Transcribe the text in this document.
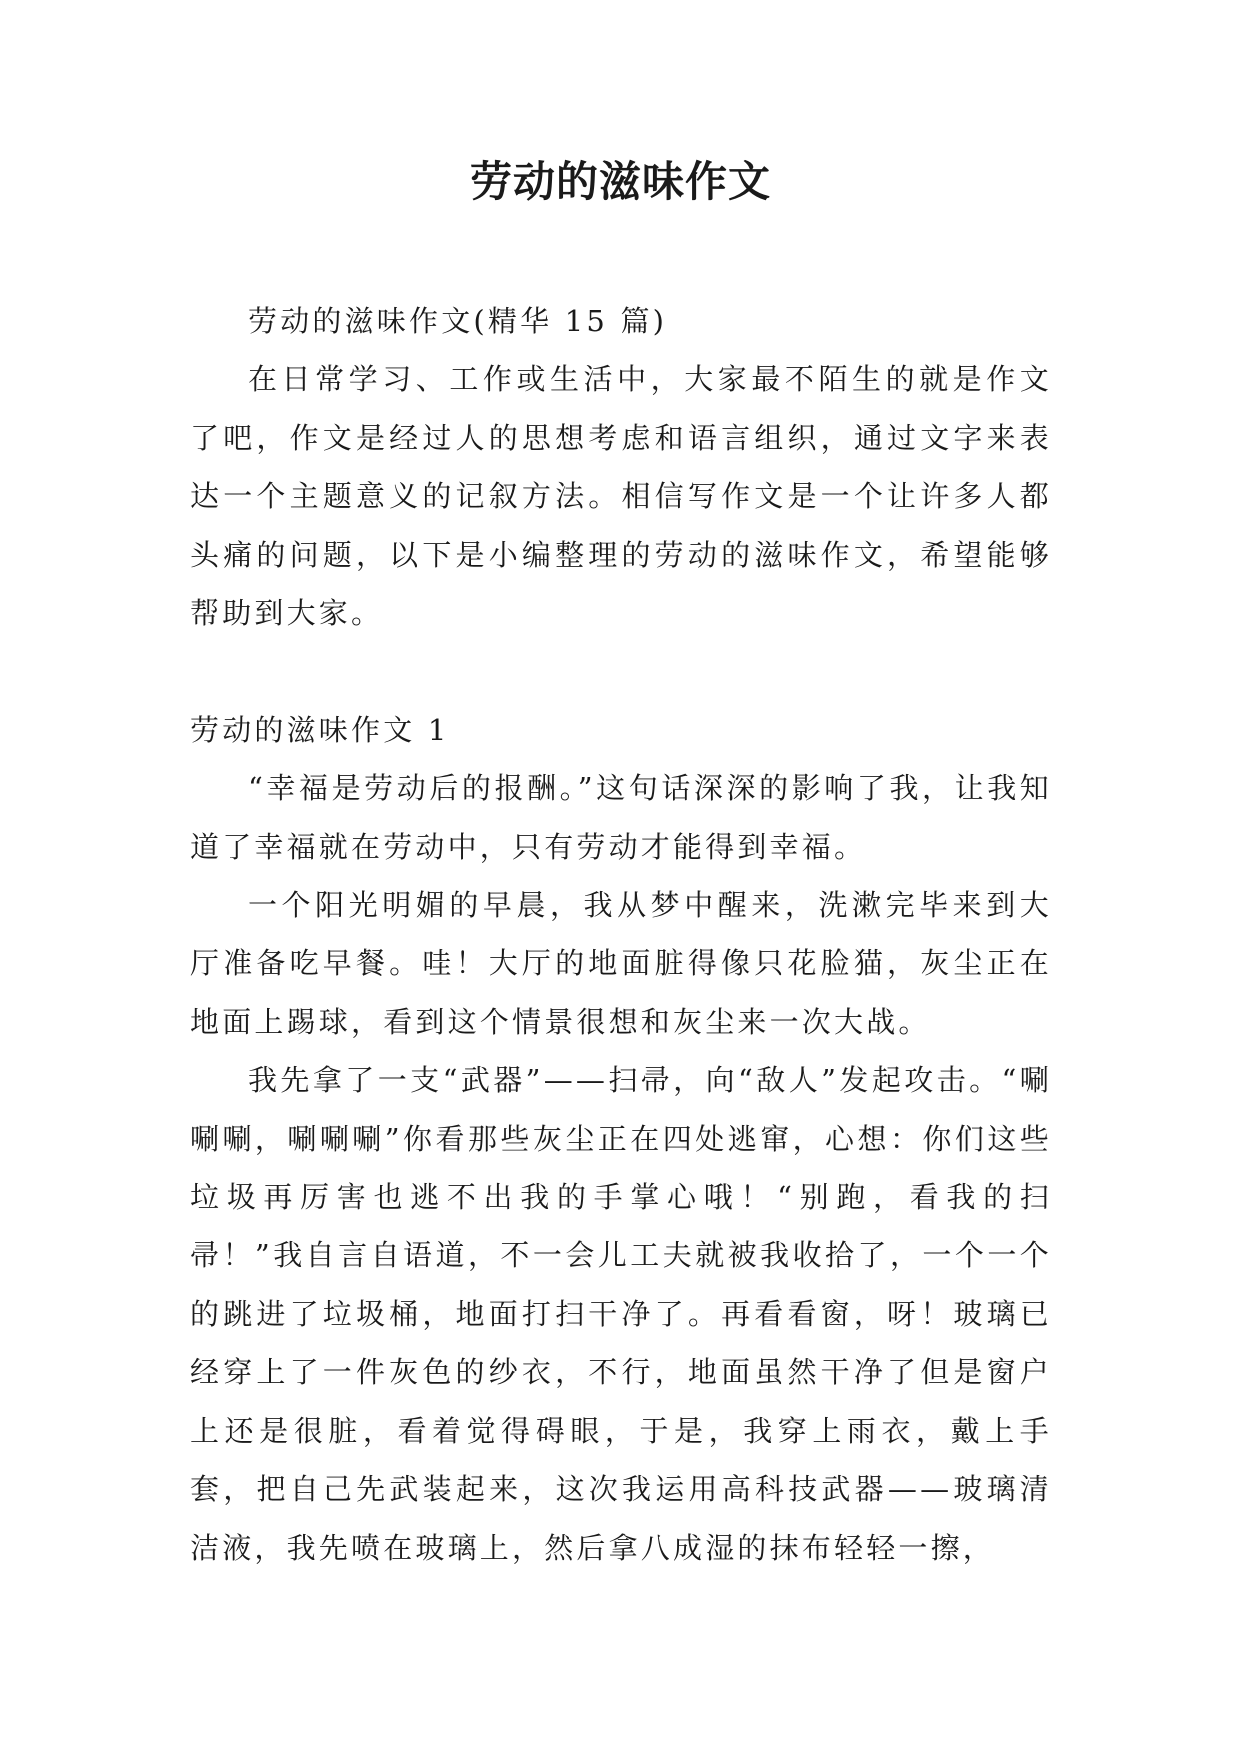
劳动的滋味作文

劳动的滋味作文(精华 15 篇)

在日常学习、工作或生活中，大家最不陌生的就是作文了吧，作文是经过人的思想考虑和语言组织，通过文字来表达一个主题意义的记叙方法。相信写作文是一个让许多人都头痛的问题，以下是小编整理的劳动的滋味作文，希望能够帮助到大家。

劳动的滋味作文 1

“幸福是劳动后的报酬。”这句话深深的影响了我，让我知道了幸福就在劳动中，只有劳动才能得到幸福。

一个阳光明媚的早晨，我从梦中醒来，洗漱完毕来到大厅准备吃早餐。哇！大厅的地面脏得像只花脸猫，灰尘正在地面上踢球，看到这个情景很想和灰尘来一次大战。

我先拿了一支“武器”——扫帚，向“敌人”发起攻击。“唰唰唰，唰唰唰”你看那些灰尘正在四处逃窜，心想：你们这些垃圾再厉害也逃不出我的手掌心哦！“别跑，看我的扫帚！”我自言自语道，不一会儿工夫就被我收拾了，一个一个的跳进了垃圾桶，地面打扫干净了。再看看窗，呀！玻璃已经穿上了一件灰色的纱衣，不行，地面虽然干净了但是窗户上还是很脏，看着觉得碍眼，于是，我穿上雨衣，戴上手套，把自己先武装起来，这次我运用高科技武器——玻璃清洁液，我先喷在玻璃上，然后拿八成湿的抹布轻轻一擦，
